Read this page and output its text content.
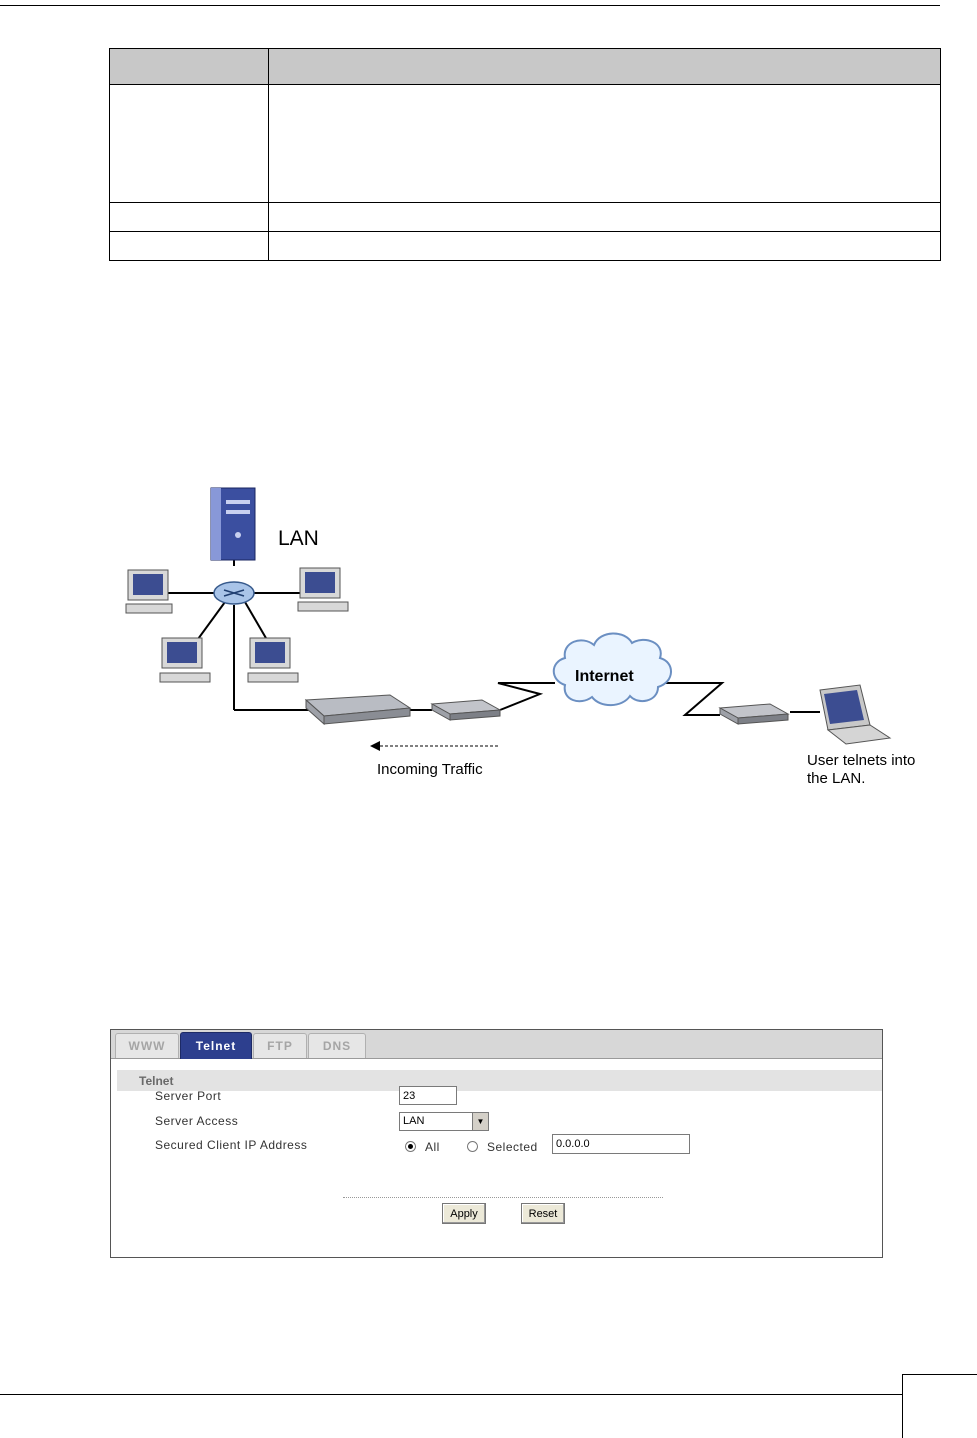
LAN
Internet
Incoming Traffic
User telnets into
the LAN.
WWW	Telnet	FTP	DNS
Telnet
Server Port	23
Server Access	LAN	▼
Secured Client IP Address	All	Selected	0.0.0.0
Apply	Reset
